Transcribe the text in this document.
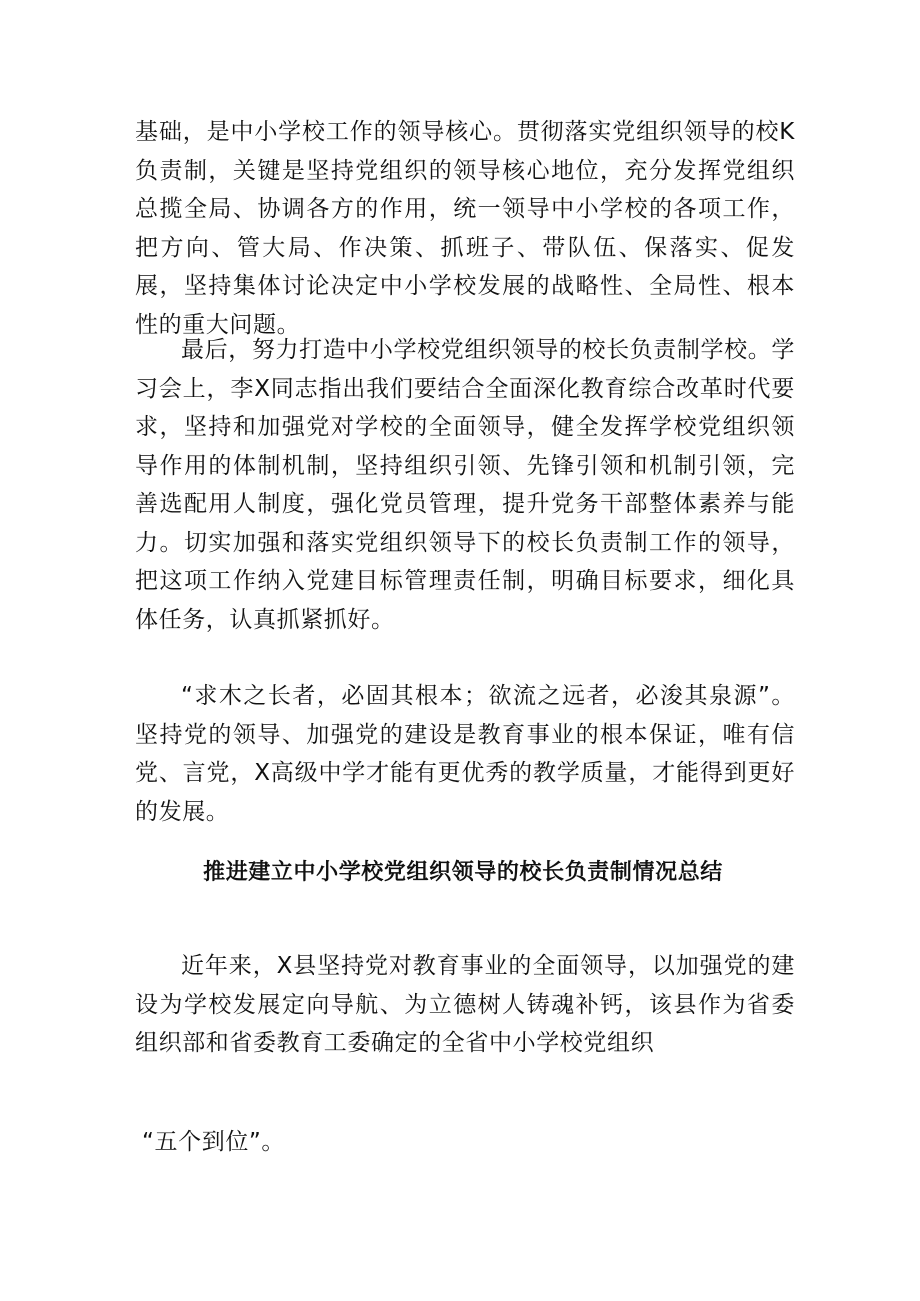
基础，是中小学校工作的领导核心。贯彻落实党组织领导的校K负责制，关键是坚持党组织的领导核心地位，充分发挥党组织总揽全局、协调各方的作用，统一领导中小学校的各项工作，把方向、管大局、作决策、抓班子、带队伍、保落实、促发展，坚持集体讨论决定中小学校发展的战略性、全局性、根本性的重大问题。

最后，努力打造中小学校党组织领导的校长负责制学校。学习会上，李X同志指出我们要结合全面深化教育综合改革时代要求，坚持和加强党对学校的全面领导，健全发挥学校党组织领导作用的体制机制，坚持组织引领、先锋引领和机制引领，完善选配用人制度，强化党员管理，提升党务干部整体素养与能力。切实加强和落实党组织领导下的校长负责制工作的领导，把这项工作纳入党建目标管理责任制，明确目标要求，细化具体任务，认真抓紧抓好。

“求木之长者，必固其根本；欲流之远者，必浚其泉源”。坚持党的领导、加强党的建设是教育事业的根本保证，唯有信党、言党，X高级中学才能有更优秀的教学质量，才能得到更好的发展。

推进建立中小学校党组织领导的校长负责制情况总结

近年来，X县坚持党对教育事业的全面领导，以加强党的建设为学校发展定向导航、为立德树人铸魂补钙，该县作为省委组织部和省委教育工委确定的全省中小学校党组织

“五个到位”。
